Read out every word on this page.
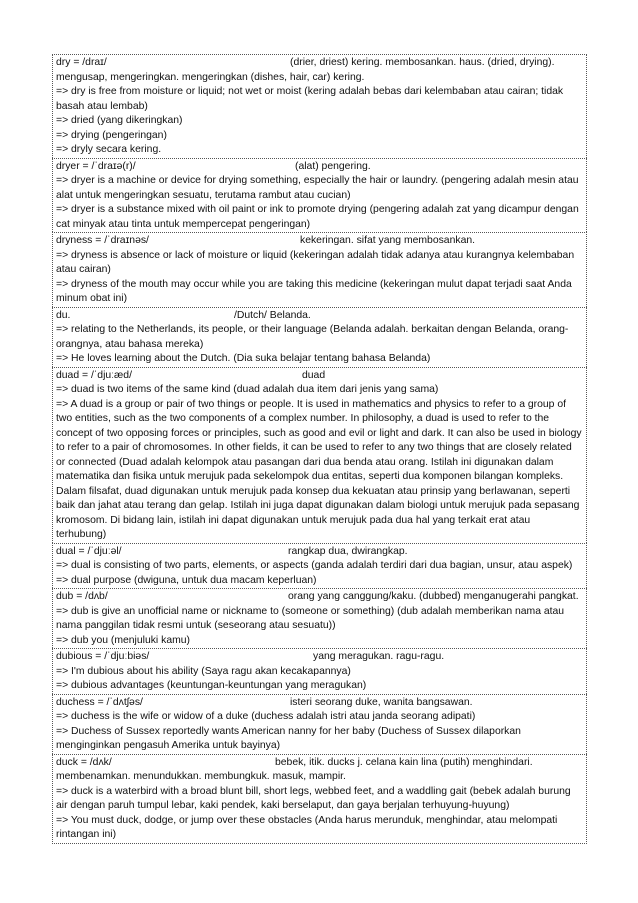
dry = /draɪ/	(drier, driest) kering. membosankan. haus. (dried, drying).
mengusap, mengeringkan. mengeringkan (dishes, hair, car) kering.
=> dry is free from moisture or liquid; not wet or moist (kering adalah bebas dari kelembaban atau cairan; tidak basah atau lembab)
=> dried (yang dikeringkan)
=> drying (pengeringan)
=> dryly secara kering.
dryer = /ˈdraɪə(r)/	(alat) pengering.
=> dryer is a machine or device for drying something, especially the hair or laundry. (pengering adalah mesin atau alat untuk mengeringkan sesuatu, terutama rambut atau cucian)
=> dryer is a substance mixed with oil paint or ink to promote drying (pengering adalah zat yang dicampur dengan cat minyak atau tinta untuk mempercepat pengeringan)
dryness = /ˈdraɪnəs/	kekeringan. sifat yang membosankan.
=> dryness is absence or lack of moisture or liquid (kekeringan adalah tidak adanya atau kurangnya kelembaban atau cairan)
=> dryness of the mouth may occur while you are taking this medicine (kekeringan mulut dapat terjadi saat Anda minum obat ini)
du.	/Dutch/ Belanda.
=> relating to the Netherlands, its people, or their language (Belanda adalah. berkaitan dengan Belanda, orang-orangnya, atau bahasa mereka)
=> He loves learning about the Dutch. (Dia suka belajar tentang bahasa Belanda)
duad = /ˈdjuːæd/	duad
=> duad is two items of the same kind (duad adalah dua item dari jenis yang sama)
=> A duad is a group or pair of two things or people. It is used in mathematics and physics to refer to a group of two entities, such as the two components of a complex number. In philosophy, a duad is used to refer to the concept of two opposing forces or principles, such as good and evil or light and dark. It can also be used in biology to refer to a pair of chromosomes. In other fields, it can be used to refer to any two things that are closely related or connected (Duad adalah kelompok atau pasangan dari dua benda atau orang. Istilah ini digunakan dalam matematika dan fisika untuk merujuk pada sekelompok dua entitas, seperti dua komponen bilangan kompleks. Dalam filsafat, duad digunakan untuk merujuk pada konsep dua kekuatan atau prinsip yang berlawanan, seperti baik dan jahat atau terang dan gelap. Istilah ini juga dapat digunakan dalam biologi untuk merujuk pada sepasang kromosom. Di bidang lain, istilah ini dapat digunakan untuk merujuk pada dua hal yang terkait erat atau terhubung)
dual = /ˈdjuːəl/	rangkap dua, dwirangkap.
=> dual is consisting of two parts, elements, or aspects (ganda adalah terdiri dari dua bagian, unsur, atau aspek)
=> dual purpose (dwiguna, untuk dua macam keperluan)
dub = /dʌb/	orang yang canggung/kaku. (dubbed) menganugerahi pangkat.
=> dub is give an unofficial name or nickname to (someone or something) (dub adalah memberikan nama atau nama panggilan tidak resmi untuk (seseorang atau sesuatu))
=> dub you (menjuluki kamu)
dubious = /ˈdjuːbiəs/	yang meragukan. ragu-ragu.
=> I'm dubious about his ability (Saya ragu akan kecakapannya)
=> dubious advantages (keuntungan-keuntungan yang meragukan)
duchess = /ˈdʌtʃəs/	isteri seorang duke, wanita bangsawan.
=> duchess is the wife or widow of a duke (duchess adalah istri atau janda seorang adipati)
=> Duchess of Sussex reportedly wants American nanny for her baby (Duchess of Sussex dilaporkan menginginkan pengasuh Amerika untuk bayinya)
duck = /dʌk/	bebek, itik. ducks j. celana kain lina (putih) menghindari.
membenamkan. menundukkan. membungkuk. masuk, mampir.
=> duck is a waterbird with a broad blunt bill, short legs, webbed feet, and a waddling gait (bebek adalah burung air dengan paruh tumpul lebar, kaki pendek, kaki berselaput, dan gaya berjalan terhuyung-huyung)
=> You must duck, dodge, or jump over these obstacles (Anda harus merunduk, menghindar, atau melompati rintangan ini)
